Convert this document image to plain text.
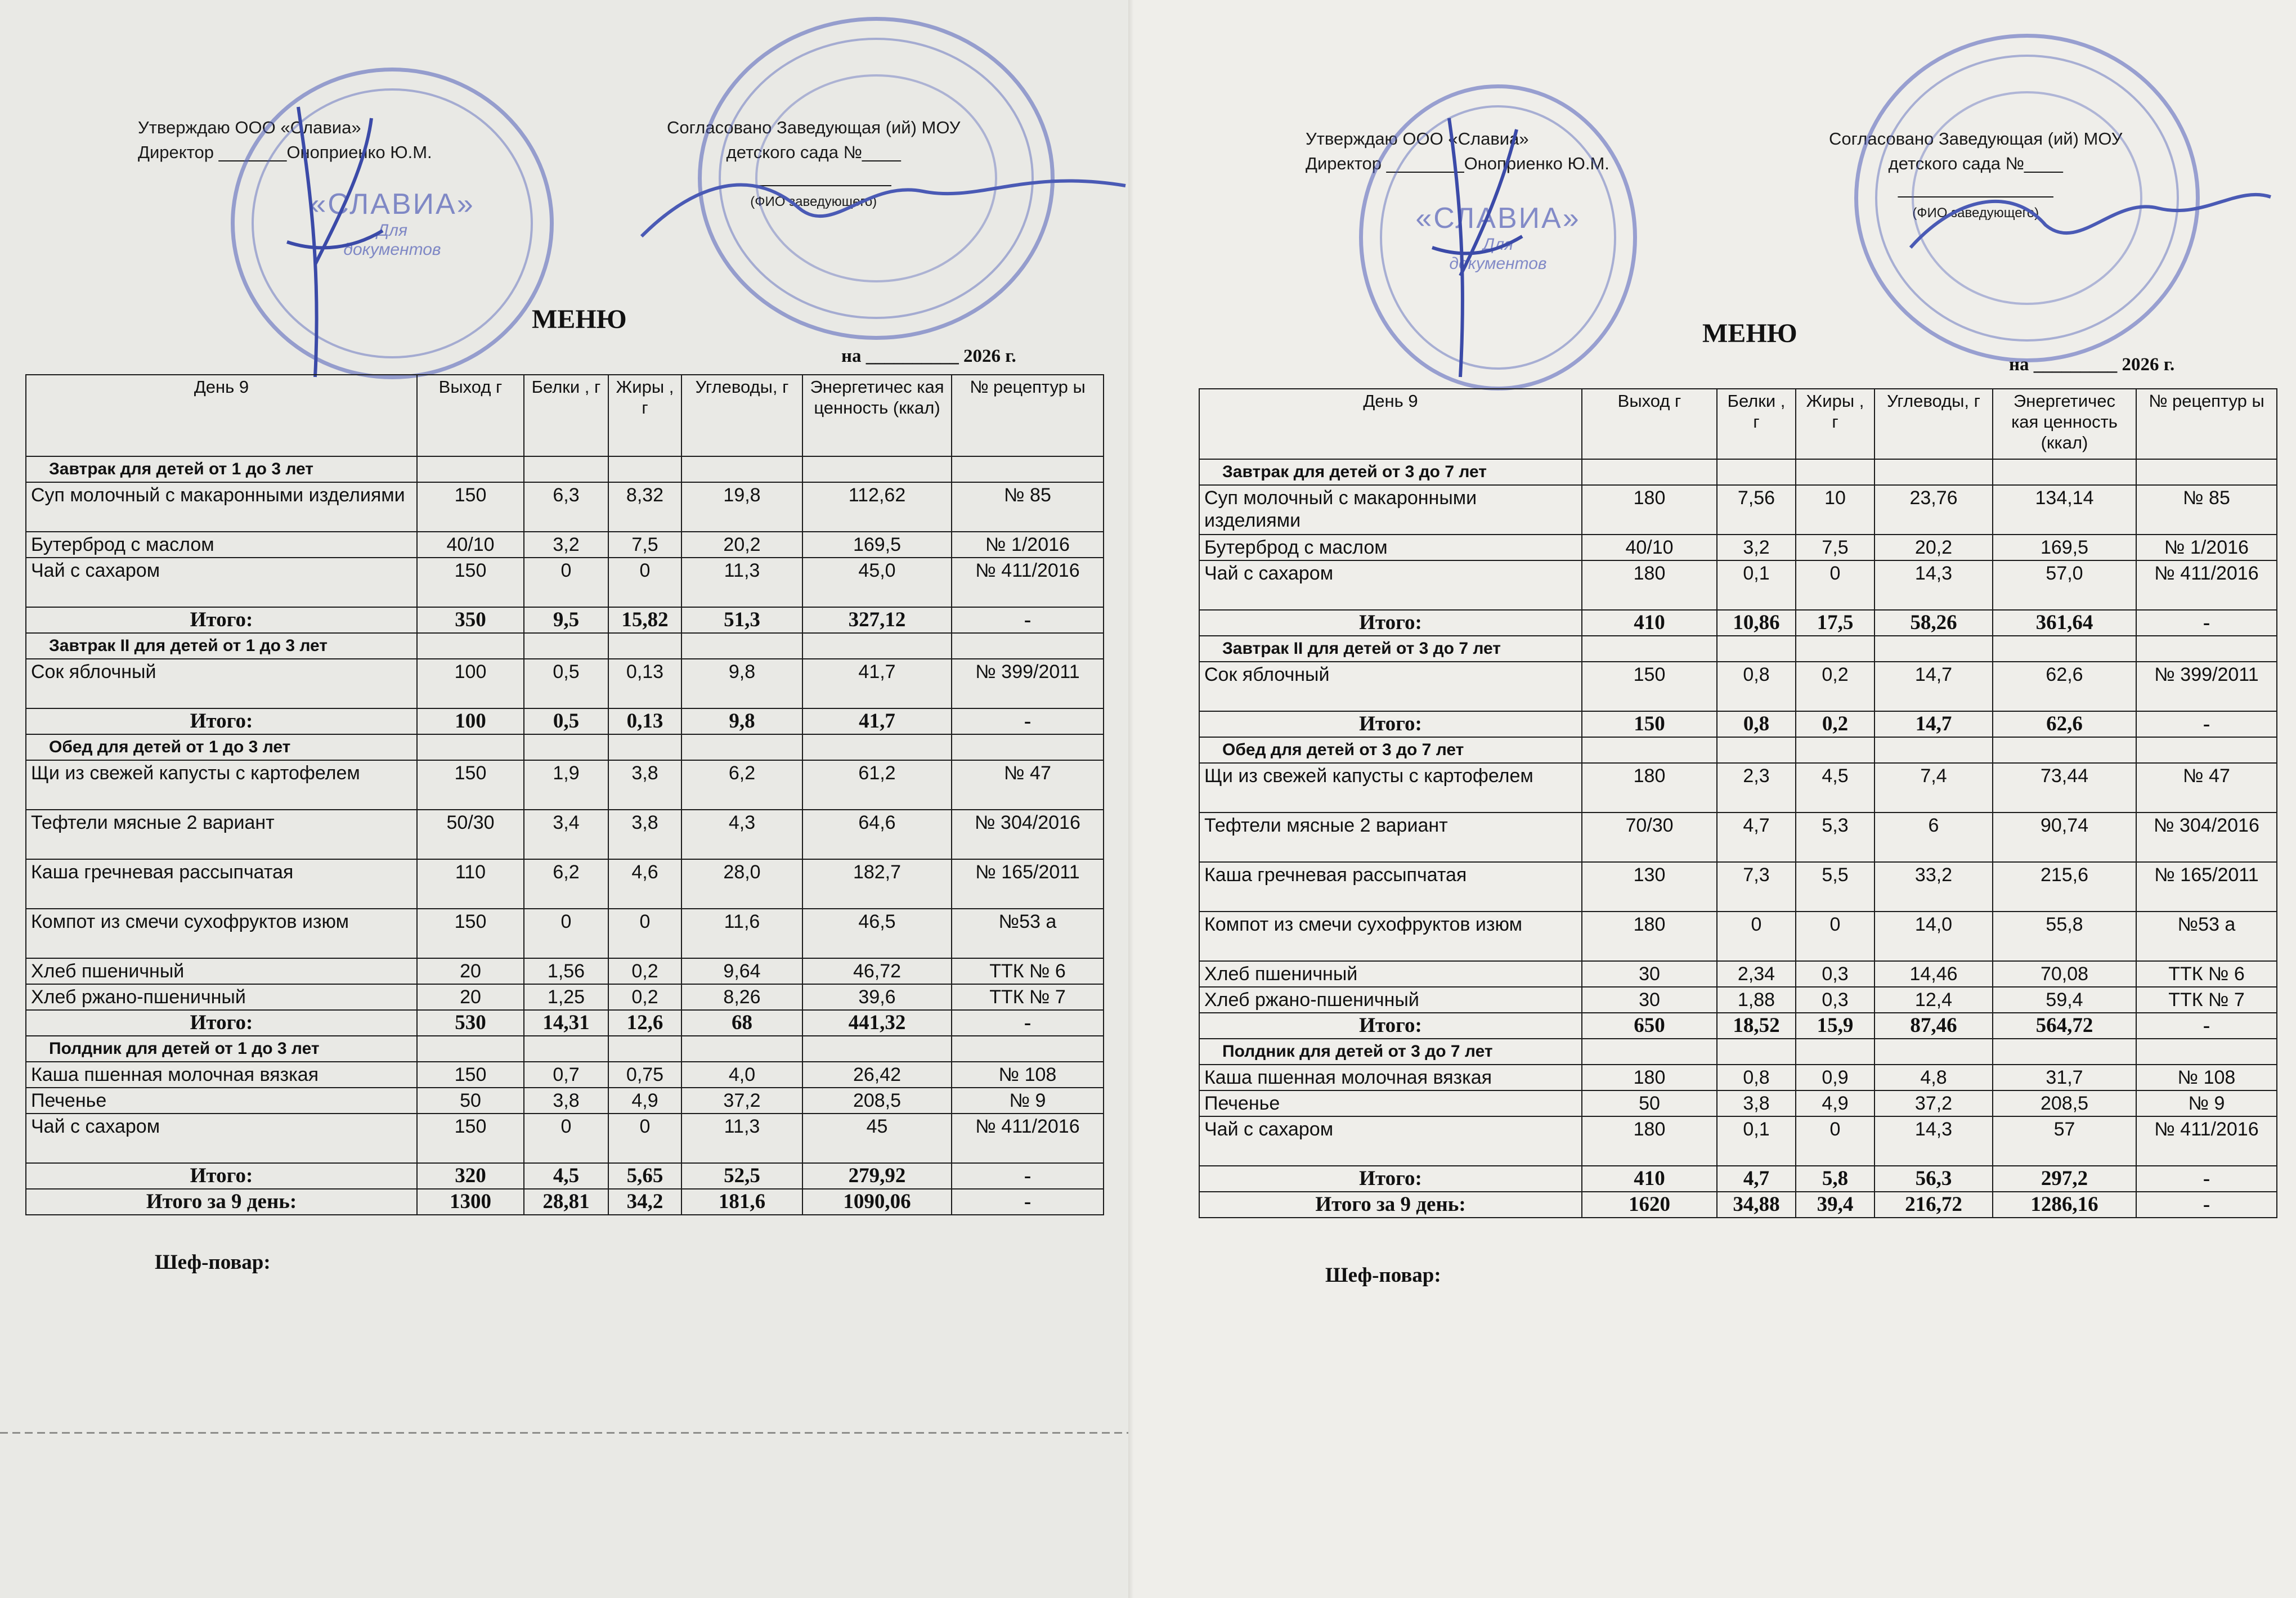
Утверждаю ООО «Славиа»
Директор _______Оноприенко Ю.М.
Согласовано Заведующая (ий) МОУ
детского сада №____
________________
(ФИО заведующего)
«СЛАВИА»
Для
документов
МЕНЮ
на __________ 2026 г.
День 9	Выход г	Белки , г	Жиры , г	Углеводы, г	Энергетичес кая ценность (ккал)	№ рецептур ы
Завтрак для детей от 1 до 3 лет						
Суп молочный с макаронными изделиями	150	6,3	8,32	19,8	112,62	№ 85
Бутерброд с маслом	40/10	3,2	7,5	20,2	169,5	№ 1/2016
Чай с сахаром	150	0	0	11,3	45,0	№ 411/2016
Итого:	350	9,5	15,82	51,3	327,12	-
Завтрак II для детей от 1 до 3 лет						
Сок яблочный	100	0,5	0,13	9,8	41,7	№ 399/2011
Итого:	100	0,5	0,13	9,8	41,7	-
Обед для детей от 1 до 3 лет						
Щи из свежей капусты с картофелем	150	1,9	3,8	6,2	61,2	№ 47
Тефтели мясные 2 вариант	50/30	3,4	3,8	4,3	64,6	№ 304/2016
Каша гречневая рассыпчатая	110	6,2	4,6	28,0	182,7	№ 165/2011
Компот из смечи сухофруктов изюм	150	0	0	11,6	46,5	№53 а
Хлеб пшеничный	20	1,56	0,2	9,64	46,72	ТТК № 6
Хлеб ржано-пшеничный	20	1,25	0,2	8,26	39,6	ТТК № 7
Итого:	530	14,31	12,6	68	441,32	-
Полдник для детей от 1 до 3 лет						
Каша пшенная молочная вязкая	150	0,7	0,75	4,0	26,42	№ 108
Печенье	50	3,8	4,9	37,2	208,5	№ 9
Чай с сахаром	150	0	0	11,3	45	№ 411/2016
Итого:	320	4,5	5,65	52,5	279,92	-
Итого за 9 день:	1300	28,81	34,2	181,6	1090,06	-
Шеф-повар:
Утверждаю ООО «Славиа»
Директор ________Оноприенко Ю.М.
Согласовано Заведующая (ий) МОУ
детского сада №____
________________
(ФИО заведующего)
«СЛАВИА»
Для
документов
МЕНЮ
на _________ 2026 г.
День 9	Выход г	Белки , г	Жиры , г	Углеводы, г	Энергетичес кая ценность (ккал)	№ рецептур ы
Завтрак для детей от 3 до 7 лет						
Суп молочный с макаронными изделиями	180	7,56	10	23,76	134,14	№ 85
Бутерброд с маслом	40/10	3,2	7,5	20,2	169,5	№ 1/2016
Чай с сахаром	180	0,1	0	14,3	57,0	№ 411/2016
Итого:	410	10,86	17,5	58,26	361,64	-
Завтрак II для детей от 3 до 7 лет						
Сок яблочный	150	0,8	0,2	14,7	62,6	№ 399/2011
Итого:	150	0,8	0,2	14,7	62,6	-
Обед для детей от 3 до 7 лет						
Щи из свежей капусты с картофелем	180	2,3	4,5	7,4	73,44	№ 47
Тефтели мясные 2 вариант	70/30	4,7	5,3	6	90,74	№ 304/2016
Каша гречневая рассыпчатая	130	7,3	5,5	33,2	215,6	№ 165/2011
Компот из смечи сухофруктов изюм	180	0	0	14,0	55,8	№53 а
Хлеб пшеничный	30	2,34	0,3	14,46	70,08	ТТК № 6
Хлеб ржано-пшеничный	30	1,88	0,3	12,4	59,4	ТТК № 7
Итого:	650	18,52	15,9	87,46	564,72	-
Полдник для детей от 3 до 7 лет						
Каша пшенная молочная вязкая	180	0,8	0,9	4,8	31,7	№ 108
Печенье	50	3,8	4,9	37,2	208,5	№ 9
Чай с сахаром	180	0,1	0	14,3	57	№ 411/2016
Итого:	410	4,7	5,8	56,3	297,2	-
Итого за 9 день:	1620	34,88	39,4	216,72	1286,16	-
Шеф-повар:
